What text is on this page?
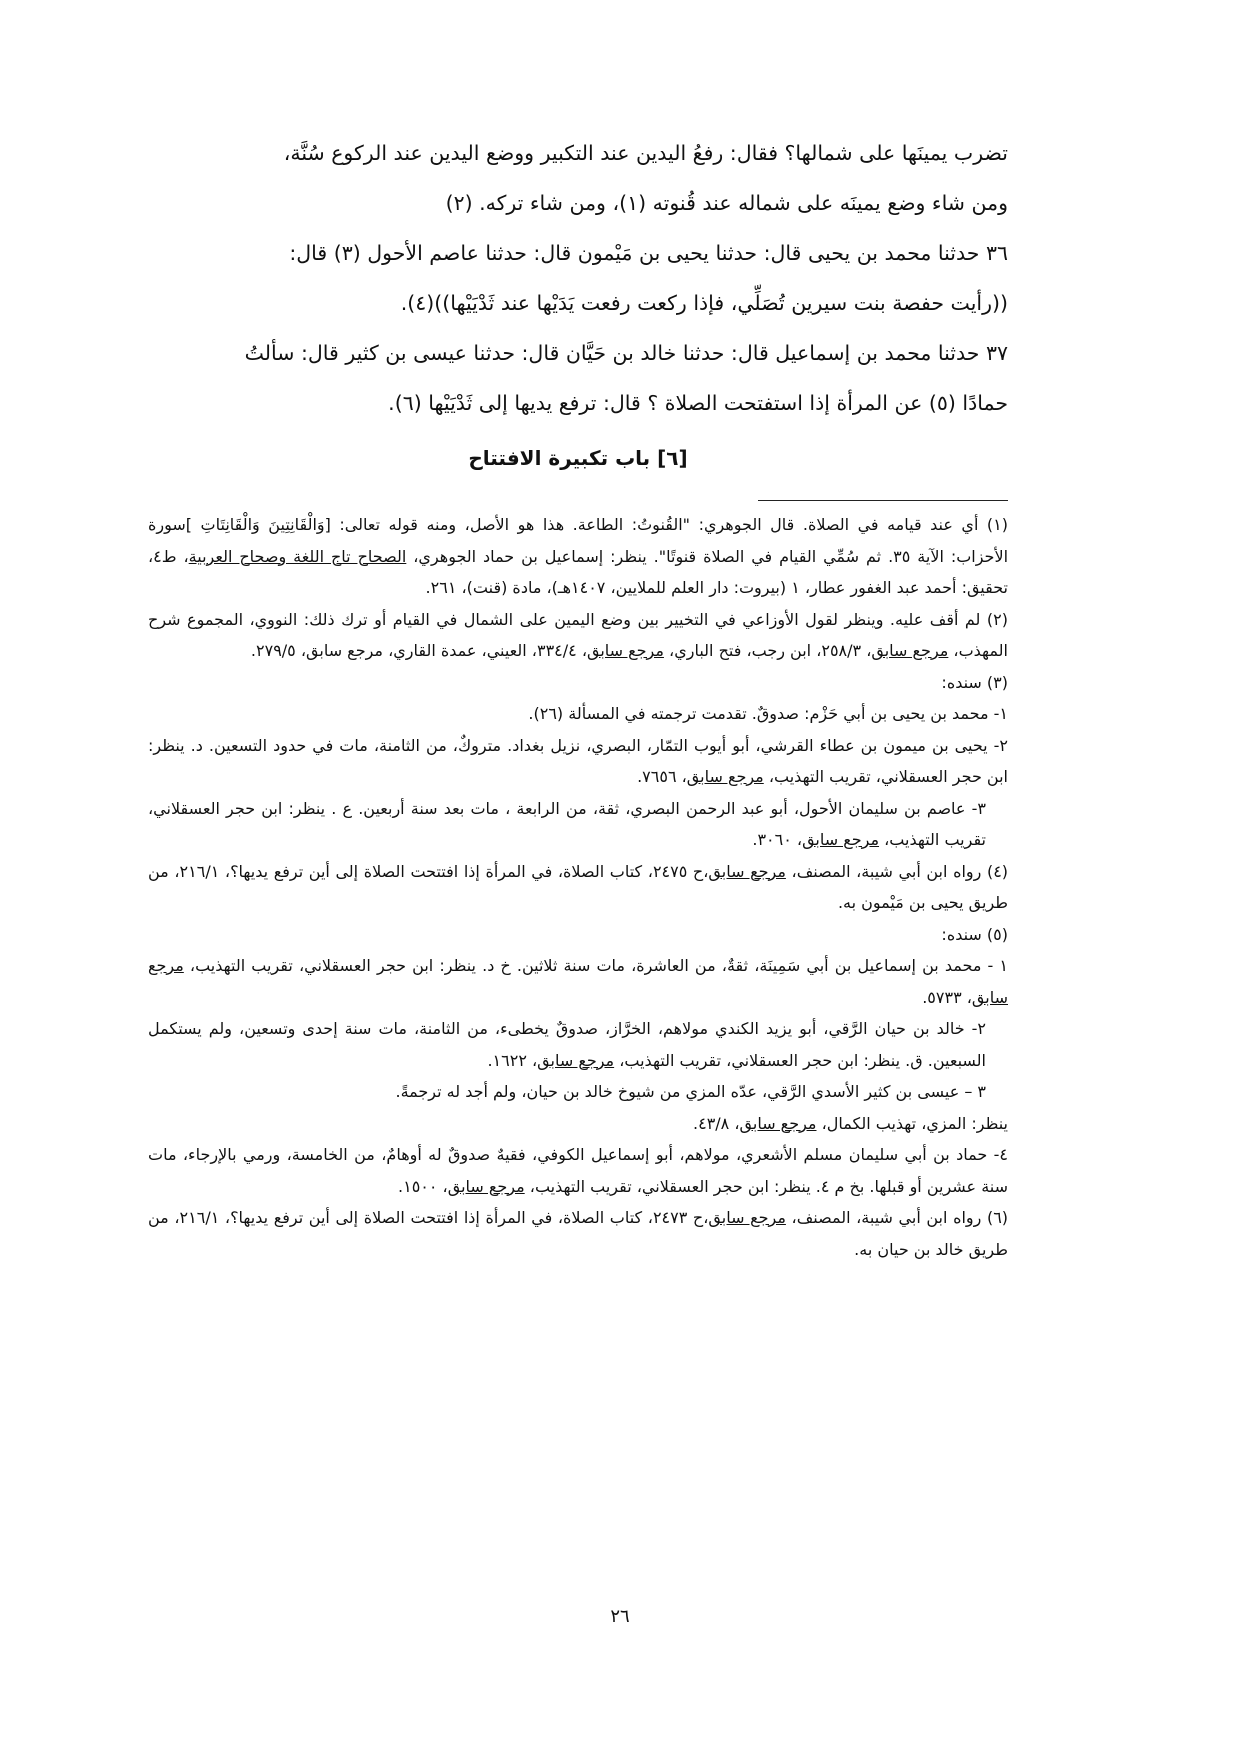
تضرب يمينَها على شمالها؟ فقال: رفعُ اليدين عند التكبير ووضع اليدين عند الركوع سُنَّة،

ومن شاء وضع يمينَه على شماله عند قُنوته (١)، ومن شاء تركه. (٢)

٣٦ حدثنا محمد بن يحيى قال: حدثنا يحيى بن مَيْمون قال: حدثنا عاصم الأحول (٣) قال:

((رأيت حفصة بنت سيرين تُصَلِّي، فإذا ركعت رفعت يَدَيْها عند ثَدْيَيْها))(٤).

٣٧ حدثنا محمد بن إسماعيل قال: حدثنا خالد بن حَيَّان قال: حدثنا عيسى بن كثير قال: سألتُ

حمادًا (٥) عن المرأة إذا استفتحت الصلاة ؟ قال: ترفع يديها إلى ثَدْيَيْها (٦).

[٦] باب تكبيرة الافتتاح

(١) أي عند قيامه في الصلاة. قال الجوهري: "القُنوتُ: الطاعة. هذا هو الأصل، ومنه قوله تعالى: [وَالْقَانِتِينَ وَالْقَانِتَاتِ ]سورة الأحزاب: الآية ٣٥. ثم سُمِّي القيام في الصلاة قنوتًا". ينظر: إسماعيل بن حماد الجوهري، الصحاح تاج اللغة وصحاح العربية، ط٤، تحقيق: أحمد عبد الغفور عطار، ١ (بيروت: دار العلم للملايين، ١٤٠٧هـ)، مادة (قنت)، ٢٦١.

(٢) لم أقف عليه. وينظر لقول الأوزاعي في التخيير بين وضع اليمين على الشمال في القيام أو ترك ذلك: النووي، المجموع شرح المهذب، مرجع سابق، ٢٥٨/٣، ابن رجب، فتح الباري، مرجع سابق، ٣٣٤/٤، العيني، عمدة القاري، مرجع سابق، ٢٧٩/٥.

(٣) سنده:

١- محمد بن يحيى بن أبي حَزْم: صدوقٌ. تقدمت ترجمته في المسألة (٢٦).

٢- يحيى بن ميمون بن عطاء القرشي، أبو أيوب التمّار، البصري، نزيل بغداد. متروكٌ، من الثامنة، مات في حدود التسعين. د. ينظر: ابن حجر العسقلاني، تقريب التهذيب، مرجع سابق، ٧٦٥٦.

٣- عاصم بن سليمان الأحول، أبو عبد الرحمن البصري، ثقة، من الرابعة ، مات بعد سنة أربعين. ع . ينظر: ابن حجر العسقلاني، تقريب التهذيب، مرجع سابق، ٣٠٦٠.

(٤) رواه ابن أبي شيبة، المصنف، مرجع سابق،ح ٢٤٧٥، كتاب الصلاة، في المرأة إذا افتتحت الصلاة إلى أين ترفع يديها؟، ٢١٦/١، من طريق يحيى بن مَيْمون به.

(٥) سنده:

١ - محمد بن إسماعيل بن أبي سَمِينَة، ثقةٌ، من العاشرة، مات سنة ثلاثين. خ د. ينظر: ابن حجر العسقلاني، تقريب التهذيب، مرجع سابق، ٥٧٣٣.

٢- خالد بن حيان الرَّقي، أبو يزيد الكندي مولاهم، الخرَّاز، صدوقٌ يخطىء، من الثامنة، مات سنة إحدى وتسعين، ولم يستكمل السبعين. ق. ينظر: ابن حجر العسقلاني، تقريب التهذيب، مرجع سابق، ١٦٢٢.

٣ – عيسى بن كثير الأسدي الرَّقي، عدّه المزي من شيوخ خالد بن حيان، ولم أجد له ترجمةً.

ينظر: المزي، تهذيب الكمال، مرجع سابق، ٤٣/٨.

٤- حماد بن أبي سليمان مسلم الأشعري، مولاهم، أبو إسماعيل الكوفي، فقيهٌ صدوقٌ له أوهامٌ، من الخامسة، ورمي بالإرجاء، مات سنة عشرين أو قبلها. بخ م ٤. ينظر: ابن حجر العسقلاني، تقريب التهذيب، مرجع سابق، ١٥٠٠.

(٦) رواه ابن أبي شيبة، المصنف، مرجع سابق،ح ٢٤٧٣، كتاب الصلاة، في المرأة إذا افتتحت الصلاة إلى أين ترفع يديها؟، ٢١٦/١، من طريق خالد بن حيان به.

٢٦
